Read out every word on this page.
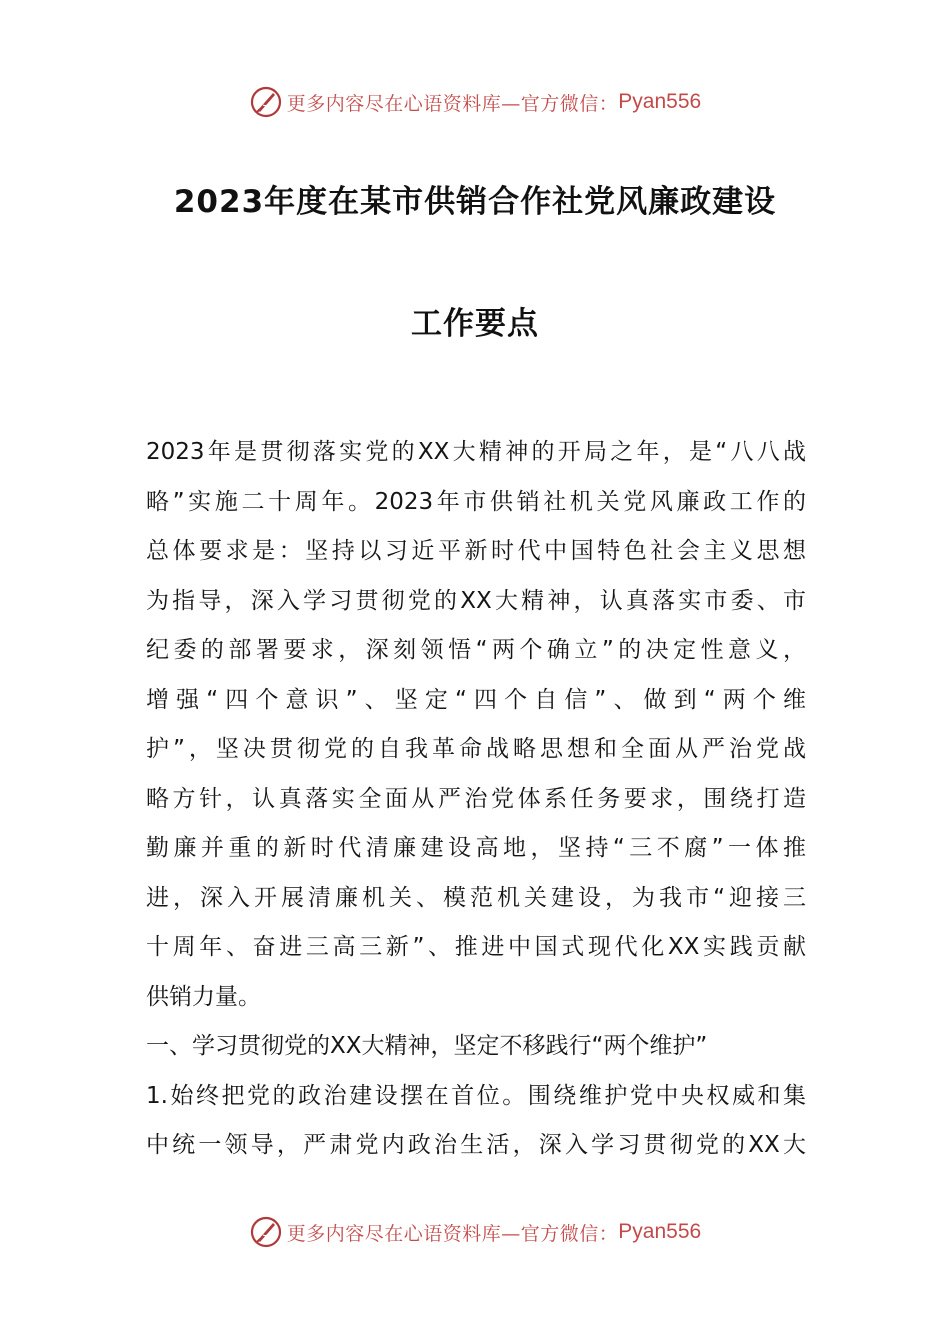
更多内容尽在心语资料库—官方微信： Pyan556
2023年度在某市供销合作社党风廉政建设
工作要点
2023年是贯彻落实党的XX大精神的开局之年，是“八八战
略”实施二十周年。2023年市供销社机关党风廉政工作的
总体要求是：坚持以习近平新时代中国特色社会主义思想
为指导，深入学习贯彻党的XX大精神，认真落实市委、市
纪委的部署要求，深刻领悟“两个确立”的决定性意义，
增强“四个意识”、坚定“四个自信”、做到“两个维
护”，坚决贯彻党的自我革命战略思想和全面从严治党战
略方针，认真落实全面从严治党体系任务要求，围绕打造
勤廉并重的新时代清廉建设高地，坚持“三不腐”一体推
进，深入开展清廉机关、模范机关建设，为我市“迎接三
十周年、奋进三高三新”、推进中国式现代化XX实践贡献
供销力量。
一、学习贯彻党的XX大精神，坚定不移践行“两个维护”
1.始终把党的政治建设摆在首位。围绕维护党中央权威和集
中统一领导，严肃党内政治生活，深入学习贯彻党的XX大
更多内容尽在心语资料库—官方微信： Pyan556
